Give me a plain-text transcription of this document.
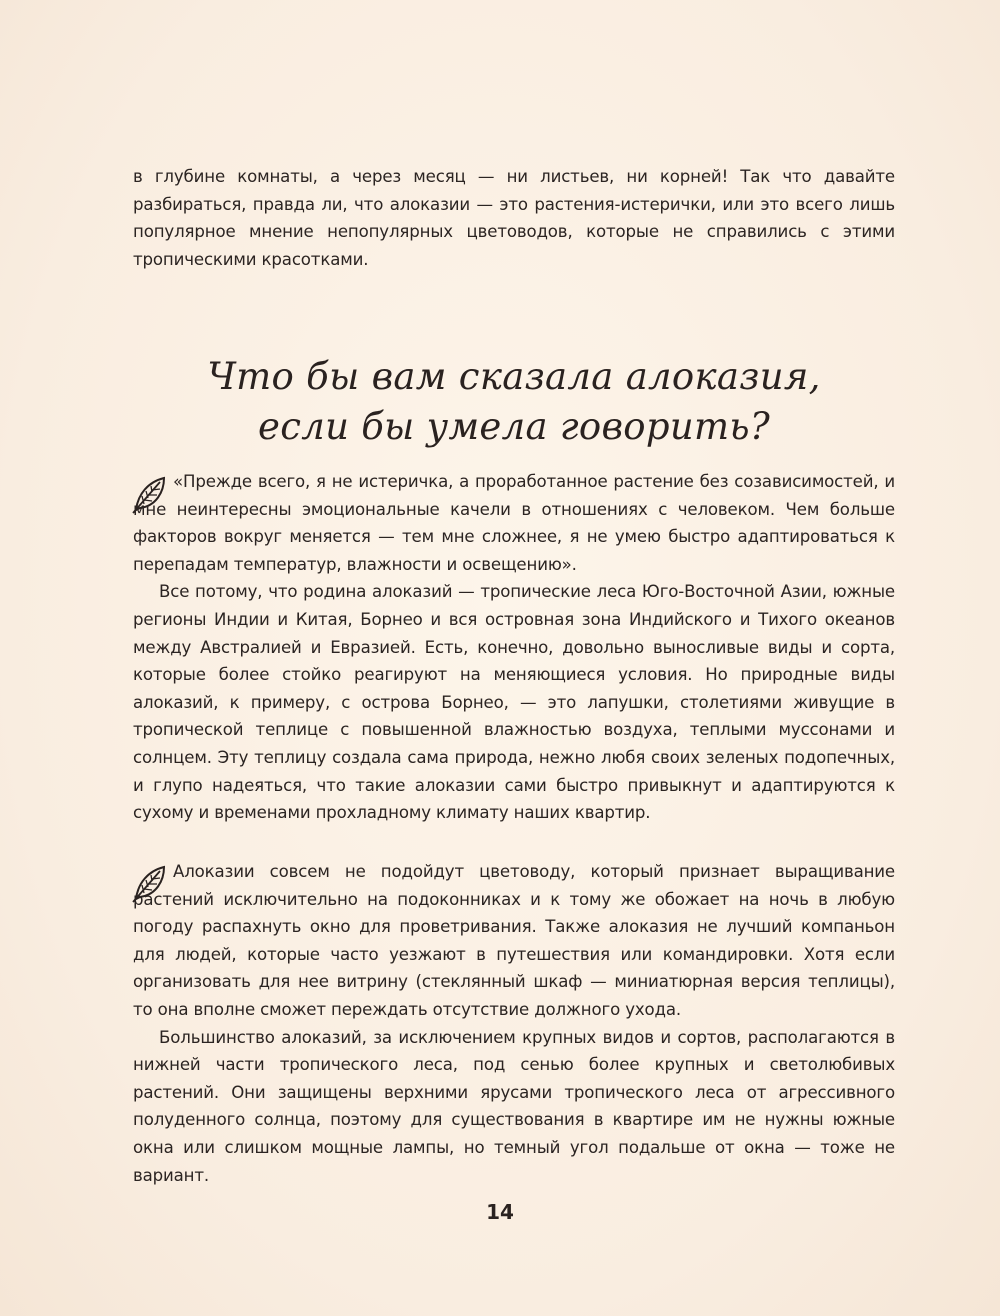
в глубине комнаты, а через месяц — ни листьев, ни корней! Так что давайте разбираться, правда ли, что алоказии — это растения-истерички, или это всего лишь популярное мнение непопулярных цветоводов, которые не справились с этими тропическими красотками.

Что бы вам сказала алоказия,
если бы умела говорить?

«Прежде всего, я не истеричка, а проработанное растение без созависимостей, и мне неинтересны эмоциональные качели в отношениях с человеком. Чем больше факторов вокруг меняется — тем мне сложнее, я не умею быстро адаптироваться к перепадам температур, влажности и освещению».

Все потому, что родина алоказий — тропические леса Юго-Восточной Азии, южные регионы Индии и Китая, Борнео и вся островная зона Индийского и Тихого океанов между Австралией и Евразией. Есть, конечно, довольно выносливые виды и сорта, которые более стойко реагируют на меняющиеся условия. Но природные виды алоказий, к примеру, с острова Борнео, — это лапушки, столетиями живущие в тропической теплице с повышенной влажностью воздуха, теплыми муссонами и солнцем. Эту теплицу создала сама природа, нежно любя своих зеленых подопечных, и глупо надеяться, что такие алоказии сами быстро привыкнут и адаптируются к сухому и временами прохладному климату наших квартир.

Алоказии совсем не подойдут цветоводу, который признает выращивание растений исключительно на подоконниках и к тому же обожает на ночь в любую погоду распахнуть окно для проветривания. Также алоказия не лучший компаньон для людей, которые часто уезжают в путешествия или командировки. Хотя если организовать для нее витрину (стеклянный шкаф — миниатюрная версия теплицы), то она вполне сможет переждать отсутствие должного ухода.

Большинство алоказий, за исключением крупных видов и сортов, располагаются в нижней части тропического леса, под сенью более крупных и светолюбивых растений. Они защищены верхними ярусами тропического леса от агрессивного полуденного солнца, поэтому для существования в квартире им не нужны южные окна или слишком мощные лампы, но темный угол подальше от окна — тоже не вариант.

14
